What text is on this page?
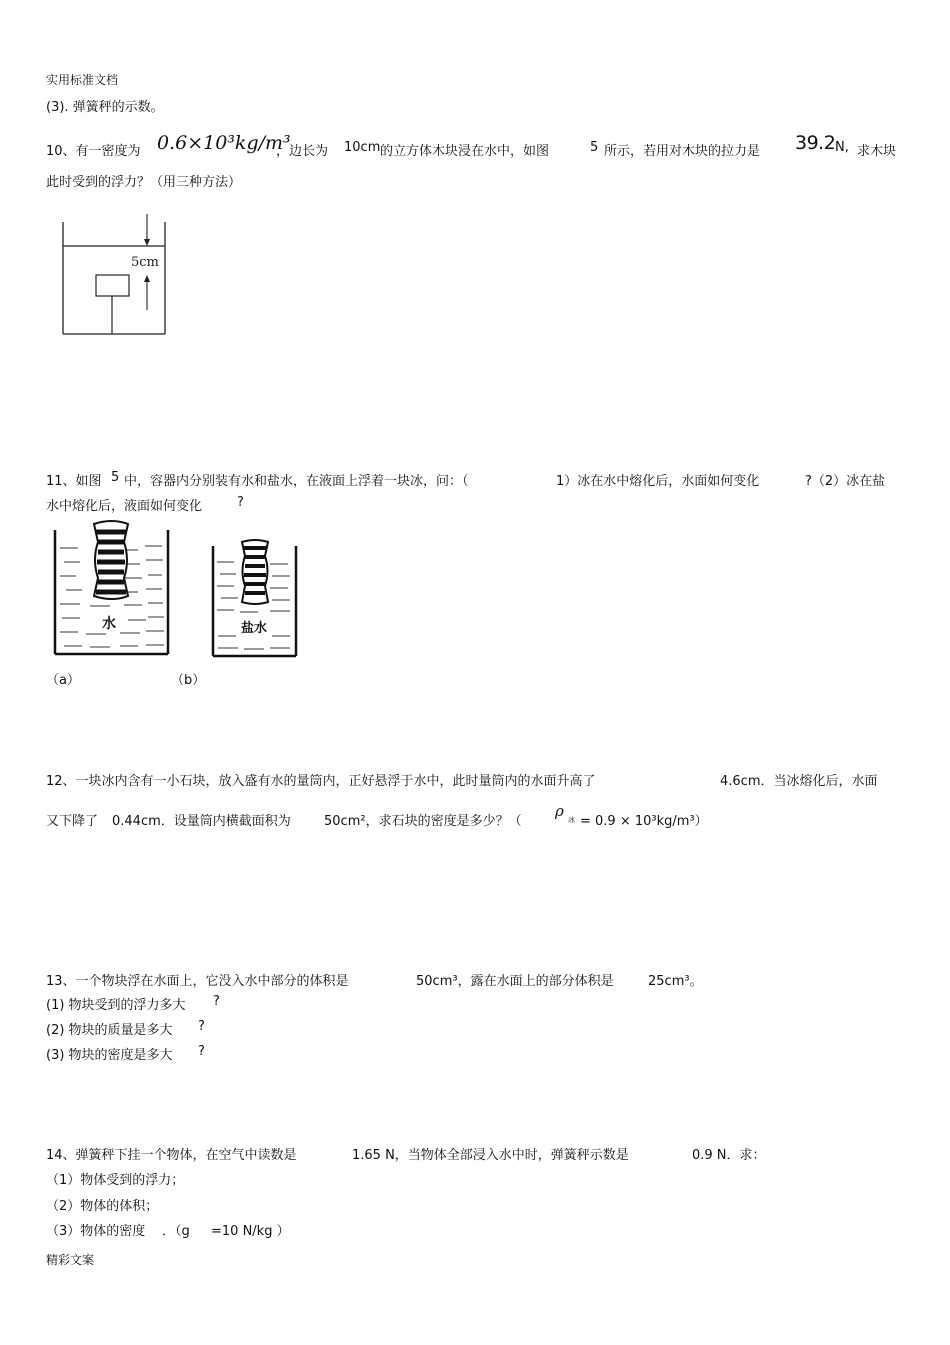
实用标准文档
(3). 弹簧秤的示数。
10、有一密度为 0.6×10³kg/m³
，边长为 10cm 的立方体木块浸在水中，如图	5 所示，若用对木块的拉力是 39.2 N, 求木块
此时受到的浮力？（用三种方法）
5cm
11、如图 5 中，容器内分别装有水和盐水，在液面上浮着一块冰，问：（	1）冰在水中熔化后，水面如何变化	?（2）冰在盐
水中熔化后，液面如何变化	?
水	盐水
（a）	（b）
12、一块冰内含有一小石块，放入盛有水的量筒内，正好悬浮于水中，此时量筒内的水面升高了	4.6cm．当冰熔化后，水面
又下降了 0.44cm．设量筒内横截面积为	50cm²，求石块的密度是多少？（
ρ 冰 = 0.9 × 10³kg/m³）
13、一个物块浮在水面上，它没入水中部分的体积是	50cm³，露在水面上的部分体积是	25cm³。
(1) 物块受到的浮力多大 ?
(2) 物块的质量是多大 ?
(3) 物块的密度是多大 ?
14、弹簧秤下挂一个物体，在空气中读数是	1.65 N，当物体全部浸入水中时，弹簧秤示数是	0.9 N．求：
（1）物体受到的浮力；
（2）物体的体积；
（3）物体的密度 ．（g =10 N/kg ）
精彩文案
